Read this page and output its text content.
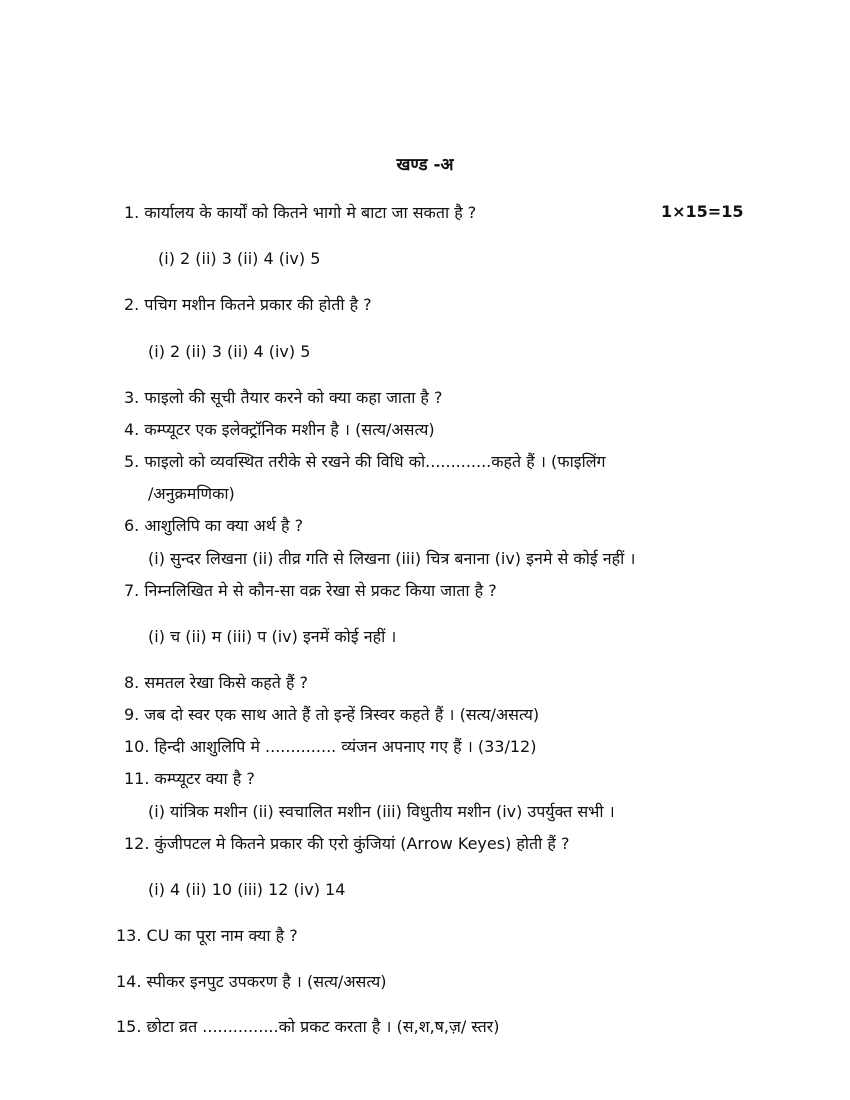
खण्ड -अ
1×15=15
1. कार्यालय के कार्यों को कितने भागो मे बाटा जा सकता है ?
(i) 2 (ii) 3 (ii) 4 (iv) 5
2. पचिग मशीन कितने प्रकार की होती है ?
(i) 2 (ii) 3 (ii) 4 (iv) 5
3. फाइलो की सूची तैयार करने को क्या कहा जाता है ?
4. कम्प्यूटर एक इलेक्ट्रॉनिक मशीन है । (सत्य/असत्य)
5. फाइलो को व्यवस्थित तरीके से रखने की विधि को.............कहते हैं । (फाइलिंग
/अनुक्रमणिका)
6. आशुलिपि का क्या अर्थ है ?
(i) सुन्दर लिखना (ii) तीव्र गति से लिखना (iii) चित्र बनाना (iv) इनमे से कोई नहीं ।
7. निम्नलिखित मे से कौन-सा वक्र रेखा से प्रकट किया जाता है ?
(i) च (ii) म (iii) प (iv) इनमें कोई नहीं ।
8. समतल रेखा किसे कहते हैं ?
9. जब दो स्वर एक साथ आते हैं तो इन्हें त्रिस्वर कहते हैं । (सत्य/असत्य)
10. हिन्दी आशुलिपि मे .............. व्यंजन अपनाए गए हैं । (33/12)
11. कम्प्यूटर क्या है ?
(i) यांत्रिक मशीन (ii) स्वचालित मशीन (iii) विधुतीय मशीन (iv) उपर्युक्त सभी ।
12. कुंजीपटल मे कितने प्रकार की एरो कुंजियां (Arrow Keyes) होती हैं ?
(i) 4 (ii) 10 (iii) 12 (iv) 14
13. CU का पूरा नाम क्या है ?
14. स्पीकर इनपुट उपकरण है । (सत्य/असत्य)
15. छोटा व्रत ...............को प्रकट करता है । (स,श,ष,ज़/ स्तर)
